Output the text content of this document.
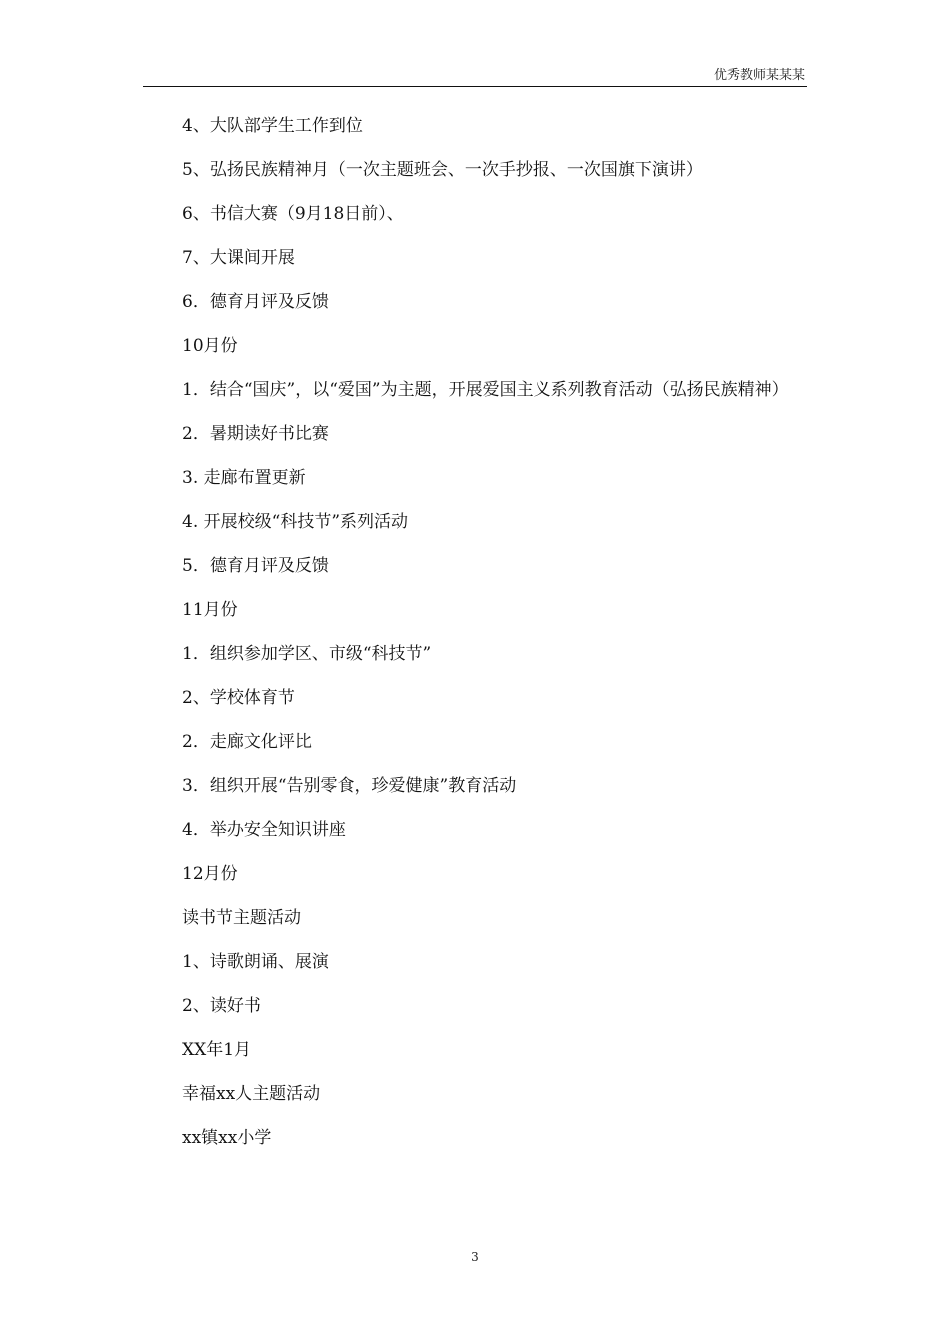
优秀教师某某某

4、大队部学生工作到位

5、弘扬民族精神月（一次主题班会、一次手抄报、一次国旗下演讲）

6、书信大赛（9月18日前）、

7、大课间开展

6．德育月评及反馈

10月份

1．结合“国庆”，以“爱国”为主题，开展爱国主义系列教育活动（弘扬民族精神）

2．暑期读好书比赛

3. 走廊布置更新

4. 开展校级“科技节”系列活动

5．德育月评及反馈

11月份

1．组织参加学区、市级“科技节”

2、学校体育节

2．走廊文化评比

3．组织开展“告别零食，珍爱健康”教育活动

4．举办安全知识讲座

12月份

读书节主题活动

1、诗歌朗诵、展演

2、读好书

XX年1月

幸福xx人主题活动

xx镇xx小学

3
